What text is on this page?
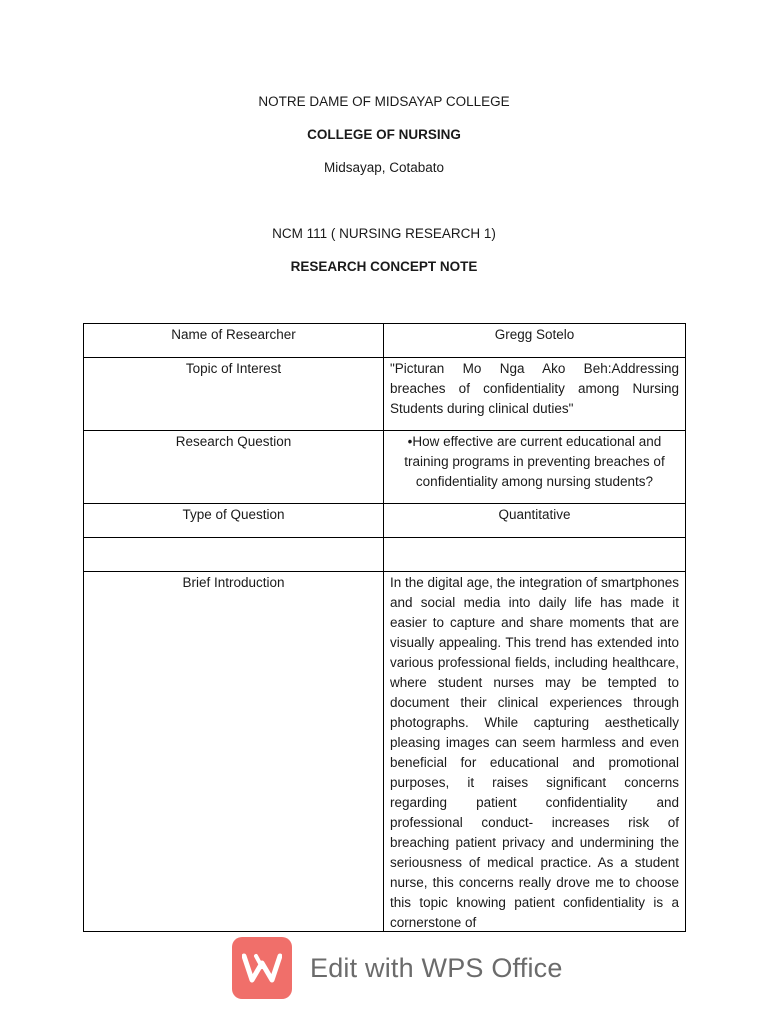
NOTRE DAME OF MIDSAYAP COLLEGE
COLLEGE OF NURSING
Midsayap, Cotabato
NCM 111 ( NURSING RESEARCH 1)
RESEARCH CONCEPT NOTE
Name of Researcher	Gregg Sotelo

Topic of Interest	"Picturan Mo Nga Ako Beh:Addressing breaches of confidentiality among Nursing Students during clinical duties"

Research Question	•How effective are current educational and training programs in preventing breaches of confidentiality among nursing students?

Type of Question	Quantitative

Brief Introduction	In the digital age, the integration of smartphones and social media into daily life has made it easier to capture and share moments that are visually appealing. This trend has extended into various professional fields, including healthcare, where student nurses may be tempted to document their clinical experiences through photographs. While capturing aesthetically pleasing images can seem harmless and even beneficial for educational and promotional purposes, it raises significant concerns regarding patient confidentiality and professional conduct- increases risk of breaching patient privacy and undermining the seriousness of medical practice. As a student nurse, this concerns really drove me to choose this topic knowing patient confidentiality is a cornerstone of
Edit with WPS Office
